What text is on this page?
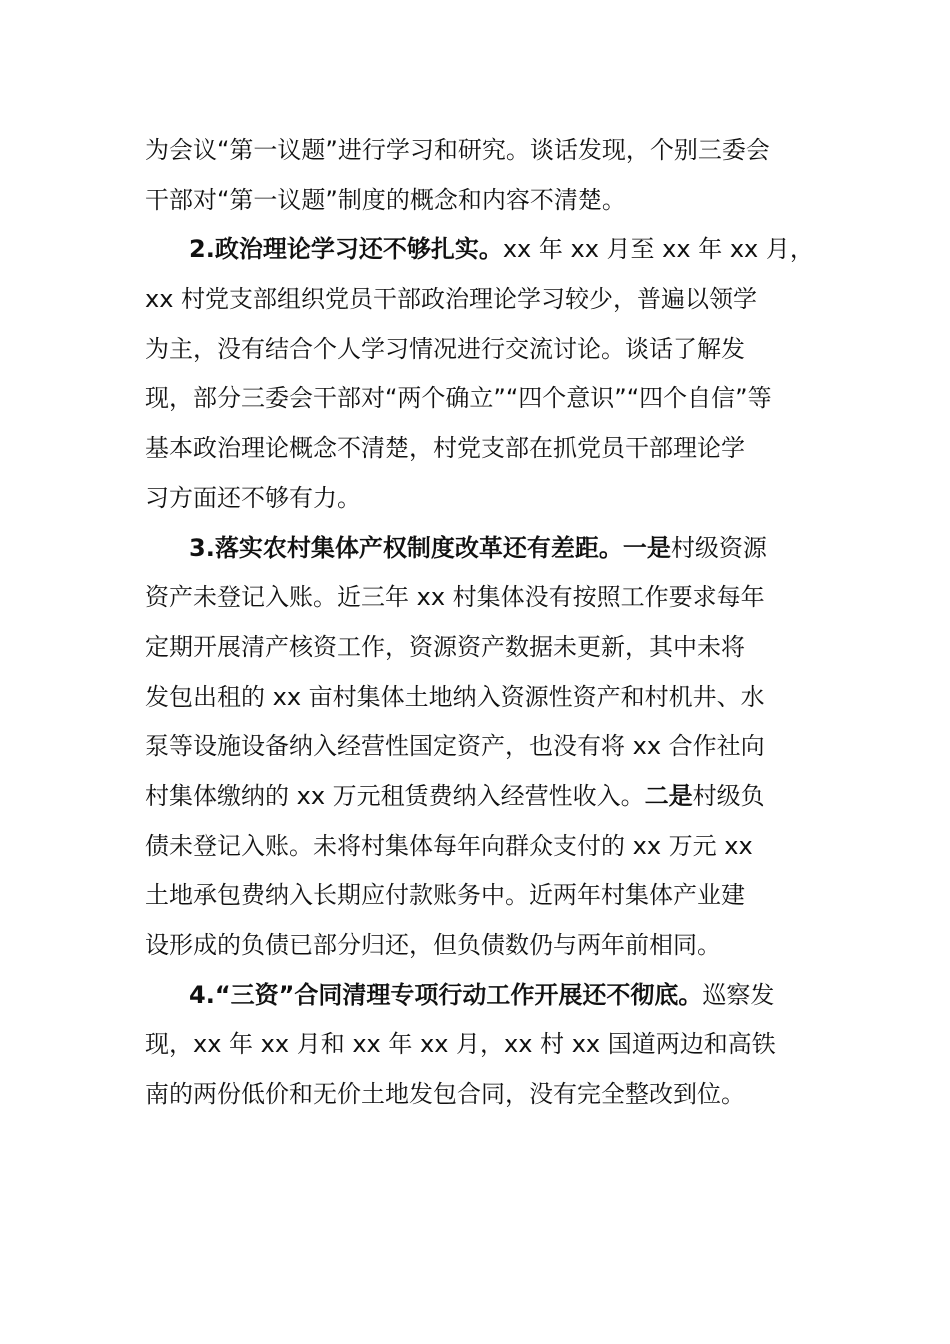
为会议“第一议题”进行学习和研究。谈话发现，个别三委会
干部对“第一议题”制度的概念和内容不清楚。
2.政治理论学习还不够扎实。xx 年 xx 月至 xx 年 xx 月，
xx 村党支部组织党员干部政治理论学习较少，普遍以领学
为主，没有结合个人学习情况进行交流讨论。谈话了解发
现，部分三委会干部对“两个确立”“四个意识”“四个自信”等
基本政治理论概念不清楚，村党支部在抓党员干部理论学
习方面还不够有力。
3.落实农村集体产权制度改革还有差距。一是村级资源
资产未登记入账。近三年 xx 村集体没有按照工作要求每年
定期开展清产核资工作，资源资产数据未更新，其中未将
发包出租的 xx 亩村集体土地纳入资源性资产和村机井、水
泵等设施设备纳入经营性国定资产，也没有将 xx 合作社向
村集体缴纳的 xx 万元租赁费纳入经营性收入。二是村级负
债未登记入账。未将村集体每年向群众支付的 xx 万元 xx
土地承包费纳入长期应付款账务中。近两年村集体产业建
设形成的负债已部分归还，但负债数仍与两年前相同。
4.“三资”合同清理专项行动工作开展还不彻底。巡察发
现，xx 年 xx 月和 xx 年 xx 月，xx 村 xx 国道两边和高铁
南的两份低价和无价土地发包合同，没有完全整改到位。
